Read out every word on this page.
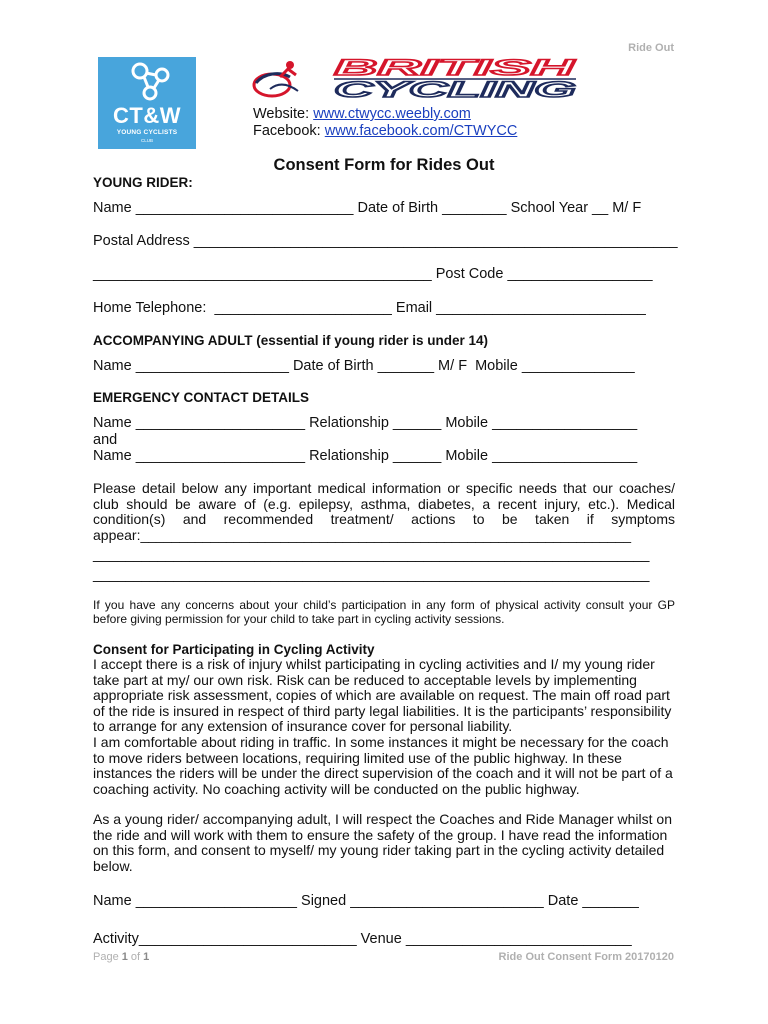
Ride Out
CT&W
YOUNG CYCLISTS
CLUB
BRITISH
CYCLING
Website: www.ctwycc.weebly.com
Facebook: www.facebook.com/CTWYCC
Consent Form for Rides Out
YOUNG RIDER:
Name ___________________________ Date of Birth ________ School Year __ M/ F
Postal Address ____________________________________________________________
__________________________________________ Post Code __________________
Home Telephone:  ______________________ Email __________________________
ACCOMPANYING ADULT (essential if young rider is under 14)
Name ___________________ Date of Birth _______ M/ F  Mobile ______________
EMERGENCY CONTACT DETAILS
Name _____________________ Relationship ______ Mobile __________________
and
Name _____________________ Relationship ______ Mobile __________________
Please detail below any important medical information or specific needs that our coaches/ club should be aware of (e.g. epilepsy, asthma, diabetes, a recent injury, etc.). Medical condition(s) and recommended treatment/ actions to be taken if symptoms appear:_______________________________________________________________
_____________________________________________________________________
_____________________________________________________________________
If you have any concerns about your child’s participation in any form of physical activity consult your GP before giving permission for your child to take part in cycling activity sessions.
Consent for Participating in Cycling Activity
I accept there is a risk of injury whilst participating in cycling activities and I/ my young rider take part at my/ our own risk. Risk can be reduced to acceptable levels by implementing appropriate risk assessment, copies of which are available on request. The main off road part of the ride is insured in respect of third party legal liabilities. It is the participants’ responsibility to arrange for any extension of insurance cover for personal liability.
I am comfortable about riding in traffic. In some instances it might be necessary for the coach to move riders between locations, requiring limited use of the public highway. In these instances the riders will be under the direct supervision of the coach and it will not be part of a coaching activity. No coaching activity will be conducted on the public highway.
As a young rider/ accompanying adult, I will respect the Coaches and Ride Manager whilst on the ride and will work with them to ensure the safety of the group. I have read the information on this form, and consent to myself/ my young rider taking part in the cycling activity detailed below.
Name ____________________ Signed ________________________ Date _______
Activity___________________________ Venue ____________________________
Page 1 of 1	Ride Out Consent Form 20170120
